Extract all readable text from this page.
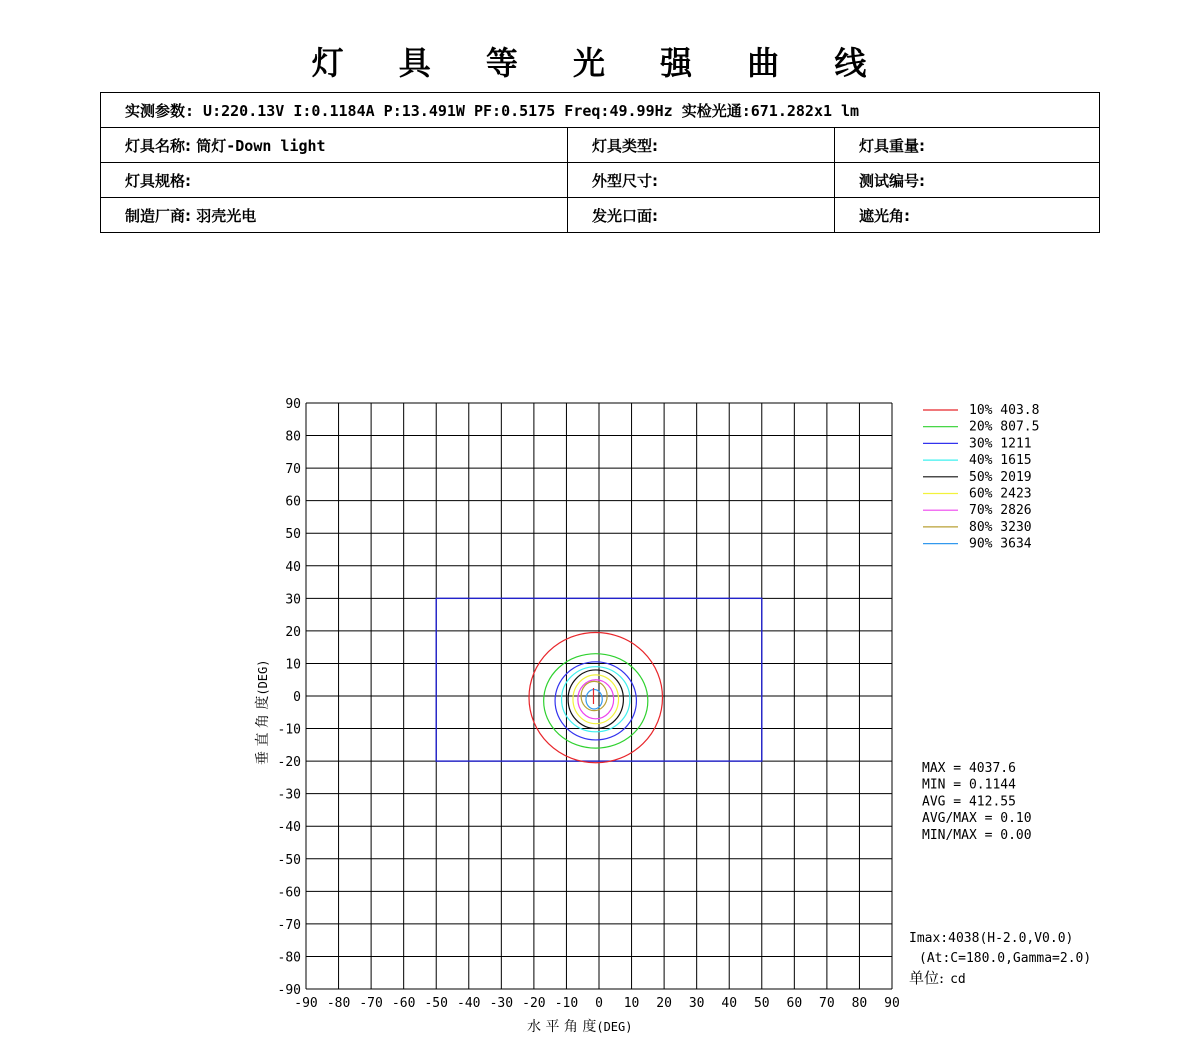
灯 具 等 光 强 曲 线
实测参数: U:220.13V I:0.1184A P:13.491W PF:0.5175 Freq:49.99Hz 实检光通:671.282x1 lm		
灯具名称: 筒灯-Down light	灯具类型:	灯具重量:
灯具规格:	外型尺寸:	测试编号:
制造厂商: 羽壳光电	发光口面:	遮光角:
-90 -80 -70 -60 -50 -40 -30 -20 -10 0 10 20 30 40 50 60 70 80 90
90
80
70
60
50
40
30
20
10
0
-10
-20
-30
-40
-50
-60
-70
-80
-90
10% 403.8
20% 807.5
30% 1211
40% 1615
50% 2019
60% 2423
70% 2826
80% 3230
90% 3634
MAX = 4037.6
MIN = 0.1144
AVG = 412.55
AVG/MAX = 0.10
MIN/MAX = 0.00
水 平 角 度(DEG)
垂 直 角 度(DEG)
Imax:4038(H-2.0,V0.0)
(At:C=180.0,Gamma=2.0)
单位: cd
